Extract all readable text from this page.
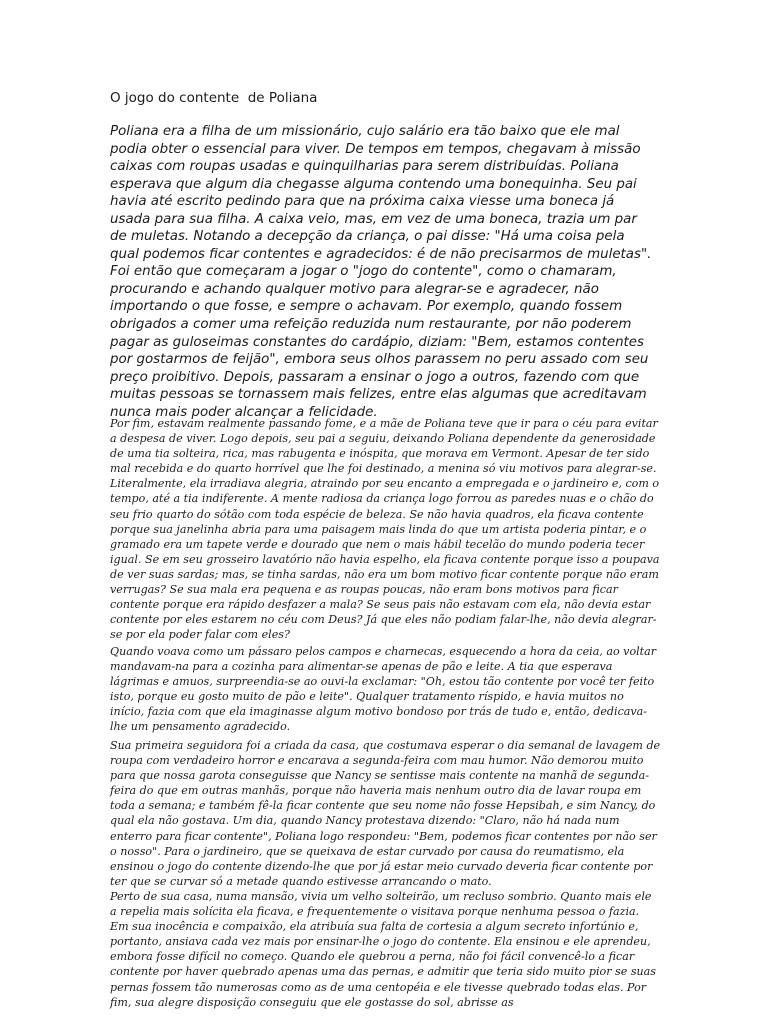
O jogo do contente  de Poliana

Poliana era a filha de um missionário, cujo salário era tão baixo que ele mal podia obter o essencial para viver. De tempos em tempos, chegavam à missão caixas com roupas usadas e quinquilharias para serem distribuídas. Poliana esperava que algum dia chegasse alguma contendo uma bonequinha. Seu pai havia até escrito pedindo para que na próxima caixa viesse uma boneca já usada para sua filha. A caixa veio, mas, em vez de uma boneca, trazia um par de muletas. Notando a decepção da criança, o pai disse: "Há uma coisa pela qual podemos ficar contentes e agradecidos: é de não precisarmos de muletas". Foi então que começaram a jogar o "jogo do contente", como o chamaram, procurando e achando qualquer motivo para alegrar-se e agradecer, não importando o que fosse, e sempre o achavam. Por exemplo, quando fossem obrigados a comer uma refeição reduzida num restaurante, por não poderem pagar as guloseimas constantes do cardápio, diziam: "Bem, estamos contentes por gostarmos de feijão", embora seus olhos parassem no peru assado com seu preço proibitivo. Depois, passaram a ensinar o jogo a outros, fazendo com que muitas pessoas se tornassem mais felizes, entre elas algumas que acreditavam nunca mais poder alcançar a felicidade.

Por fim, estavam realmente passando fome, e a mãe de Poliana teve que ir para o céu para evitar a despesa de viver. Logo depois, seu pai a seguiu, deixando Poliana dependente da generosidade de uma tia solteira, rica, mas rabugenta e inóspita, que morava em Vermont. Apesar de ter sido mal recebida e do quarto horrível que lhe foi destinado, a menina só viu motivos para alegrar-se. Literalmente, ela irradiava alegria, atraindo por seu encanto a empregada e o jardineiro e, com o tempo, até a tia indiferente. A mente radiosa da criança logo forrou as paredes nuas e o chão do seu frio quarto do sótão com toda espécie de beleza. Se não havia quadros, ela ficava contente porque sua janelinha abria para uma paisagem mais linda do que um artista poderia pintar, e o gramado era um tapete verde e dourado que nem o mais hábil tecelão do mundo poderia tecer igual. Se em seu grosseiro lavatório não havia espelho, ela ficava contente porque isso a poupava de ver suas sardas; mas, se tinha sardas, não era um bom motivo ficar contente porque não eram verrugas? Se sua mala era pequena e as roupas poucas, não eram bons motivos para ficar contente porque era rápido desfazer a mala? Se seus pais não estavam com ela, não devia estar contente por eles estarem no céu com Deus? Já que eles não podiam falar-lhe, não devia alegrar-se por ela poder falar com eles?

Quando voava como um pássaro pelos campos e charnecas, esquecendo a hora da ceia, ao voltar mandavam-na para a cozinha para alimentar-se apenas de pão e leite. A tia que esperava lágrimas e amuos, surpreendia-se ao ouvi-la exclamar: "Oh, estou tão contente por você ter feito isto, porque eu gosto muito de pão e leite". Qualquer tratamento ríspido, e havia muitos no início, fazia com que ela imaginasse algum motivo bondoso por trás de tudo e, então, dedicava-lhe um pensamento agradecido.

Sua primeira seguidora foi a criada da casa, que costumava esperar o dia semanal de lavagem de roupa com verdadeiro horror e encarava a segunda-feira com mau humor. Não demorou muito para que nossa garota conseguisse que Nancy se sentisse mais contente na manhã de segunda-feira do que em outras manhãs, porque não haveria mais nenhum outro dia de lavar roupa em toda a semana; e também fê-la ficar contente que seu nome não fosse Hepsibah, e sim Nancy, do qual ela não gostava. Um dia, quando Nancy protestava dizendo: "Claro, não há nada num enterro para ficar contente", Poliana logo respondeu: "Bem, podemos ficar contentes por não ser o nosso". Para o jardineiro, que se queixava de estar curvado por causa do reumatismo, ela ensinou o jogo do contente dizendo-lhe que por já estar meio curvado deveria ficar contente por ter que se curvar só a metade quando estivesse arrancando o mato.

Perto de sua casa, numa mansão, vivia um velho solteirão, um recluso sombrio. Quanto mais ele a repelia mais solícita ela ficava, e frequentemente o visitava porque nenhuma pessoa o fazia. Em sua inocência e compaixão, ela atribuía sua falta de cortesia a algum secreto infortúnio e, portanto, ansiava cada vez mais por ensinar-lhe o jogo do contente. Ela ensinou e ele aprendeu, embora fosse difícil no começo. Quando ele quebrou a perna, não foi fácil convencê-lo a ficar contente por haver quebrado apenas uma das pernas, e admitir que teria sido muito pior se suas pernas fossem tão numerosas como as de uma centopéia e ele tivesse quebrado todas elas. Por fim, sua alegre disposição conseguiu que ele gostasse do sol, abrisse as
